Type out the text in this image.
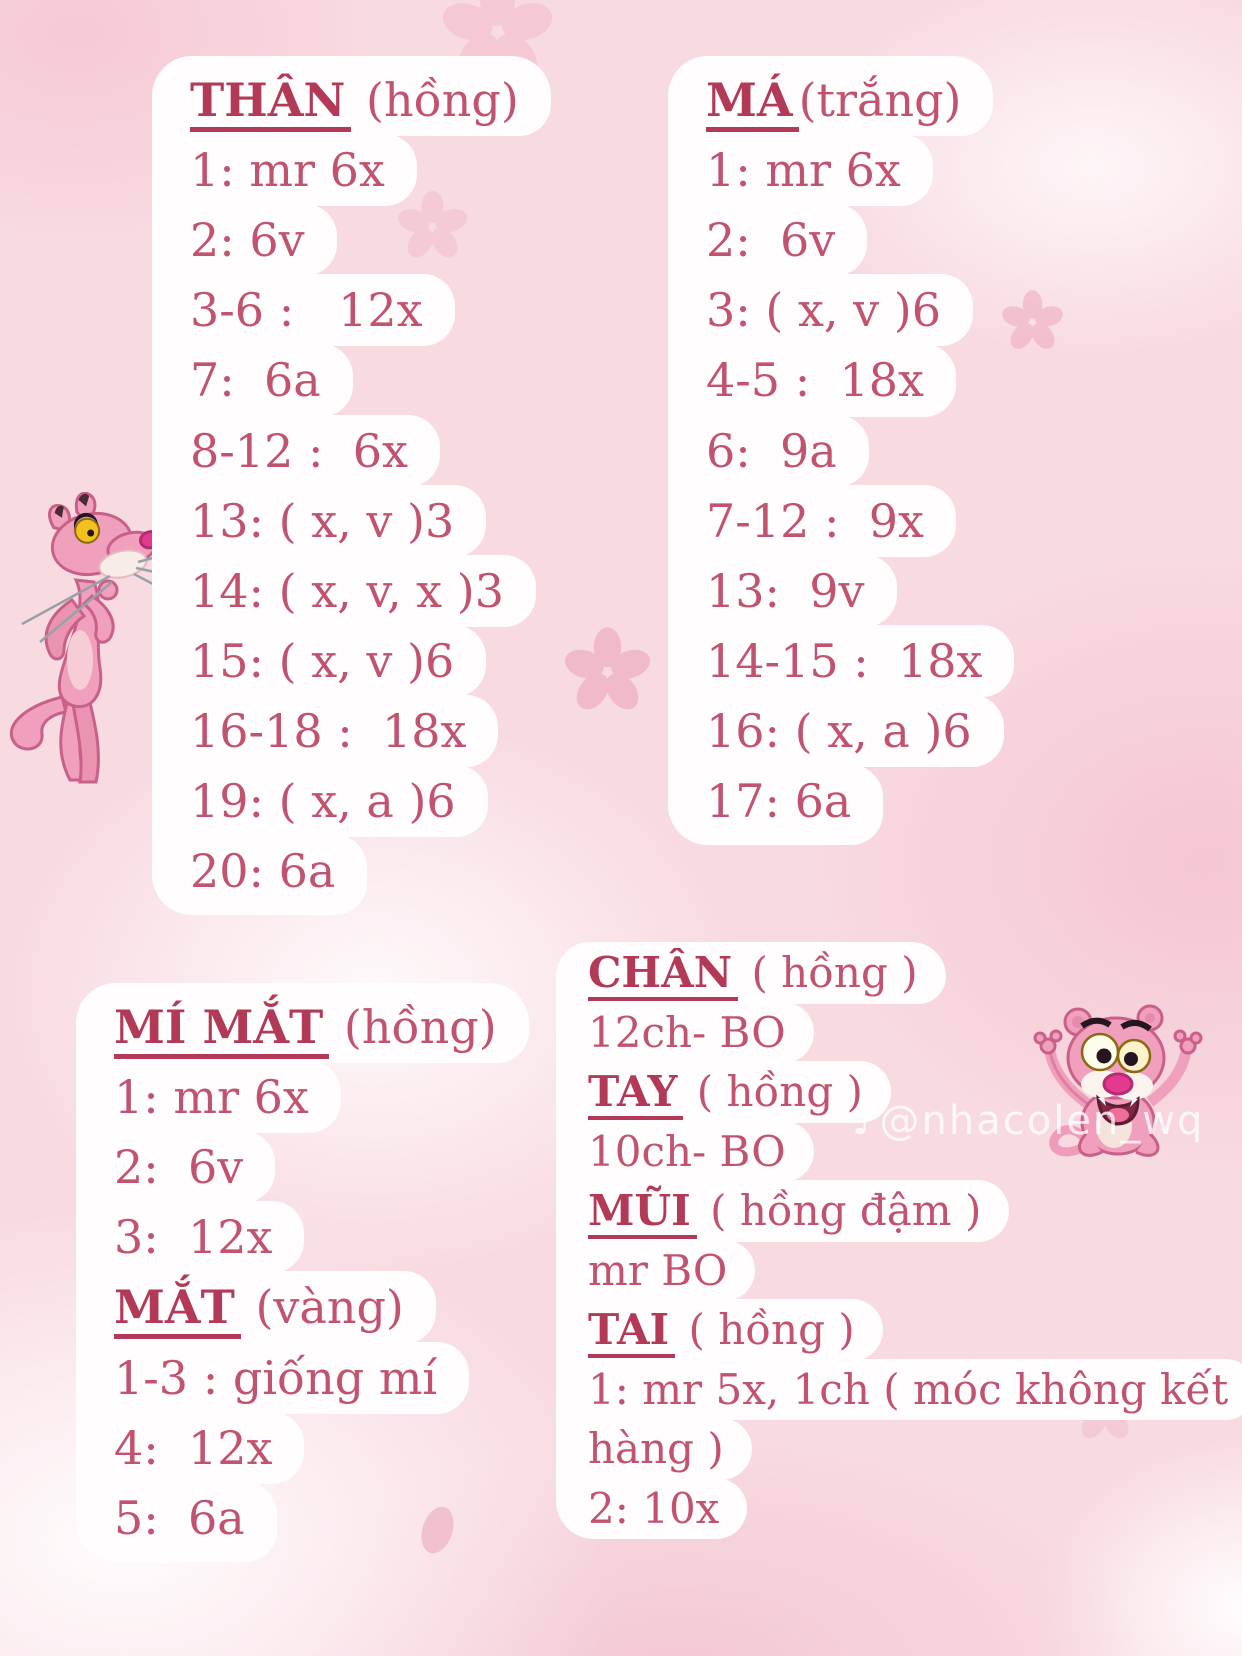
THÂN (hồng)
1: mr 6x
2: 6v
3-6 :   12x
7:  6a
8-12 :  6x
13: ( x, v )3
14: ( x, v, x )3
15: ( x, v )6
16-18 :  18x
19: ( x, a )6
20: 6a
MÁ (trắng)
1: mr 6x
2:  6v
3: ( x, v )6
4-5 :  18x
6:  9a
7-12 :  9x
13:  9v
14-15 :  18x
16: ( x, a )6
17: 6a
MÍ MẮT (hồng)
1: mr 6x
2:  6v
3:  12x
MẮT (vàng)
1-3 : giống mí
4:  12x
5:  6a
CHÂN ( hồng )
12ch- BO
TAY ( hồng )
10ch- BO
MŨI ( hồng đậm )
mr BO
TAI ( hồng )
1: mr 5x, 1ch ( móc không kết
hàng )
2: 10x
♪@nhacolen_wq
